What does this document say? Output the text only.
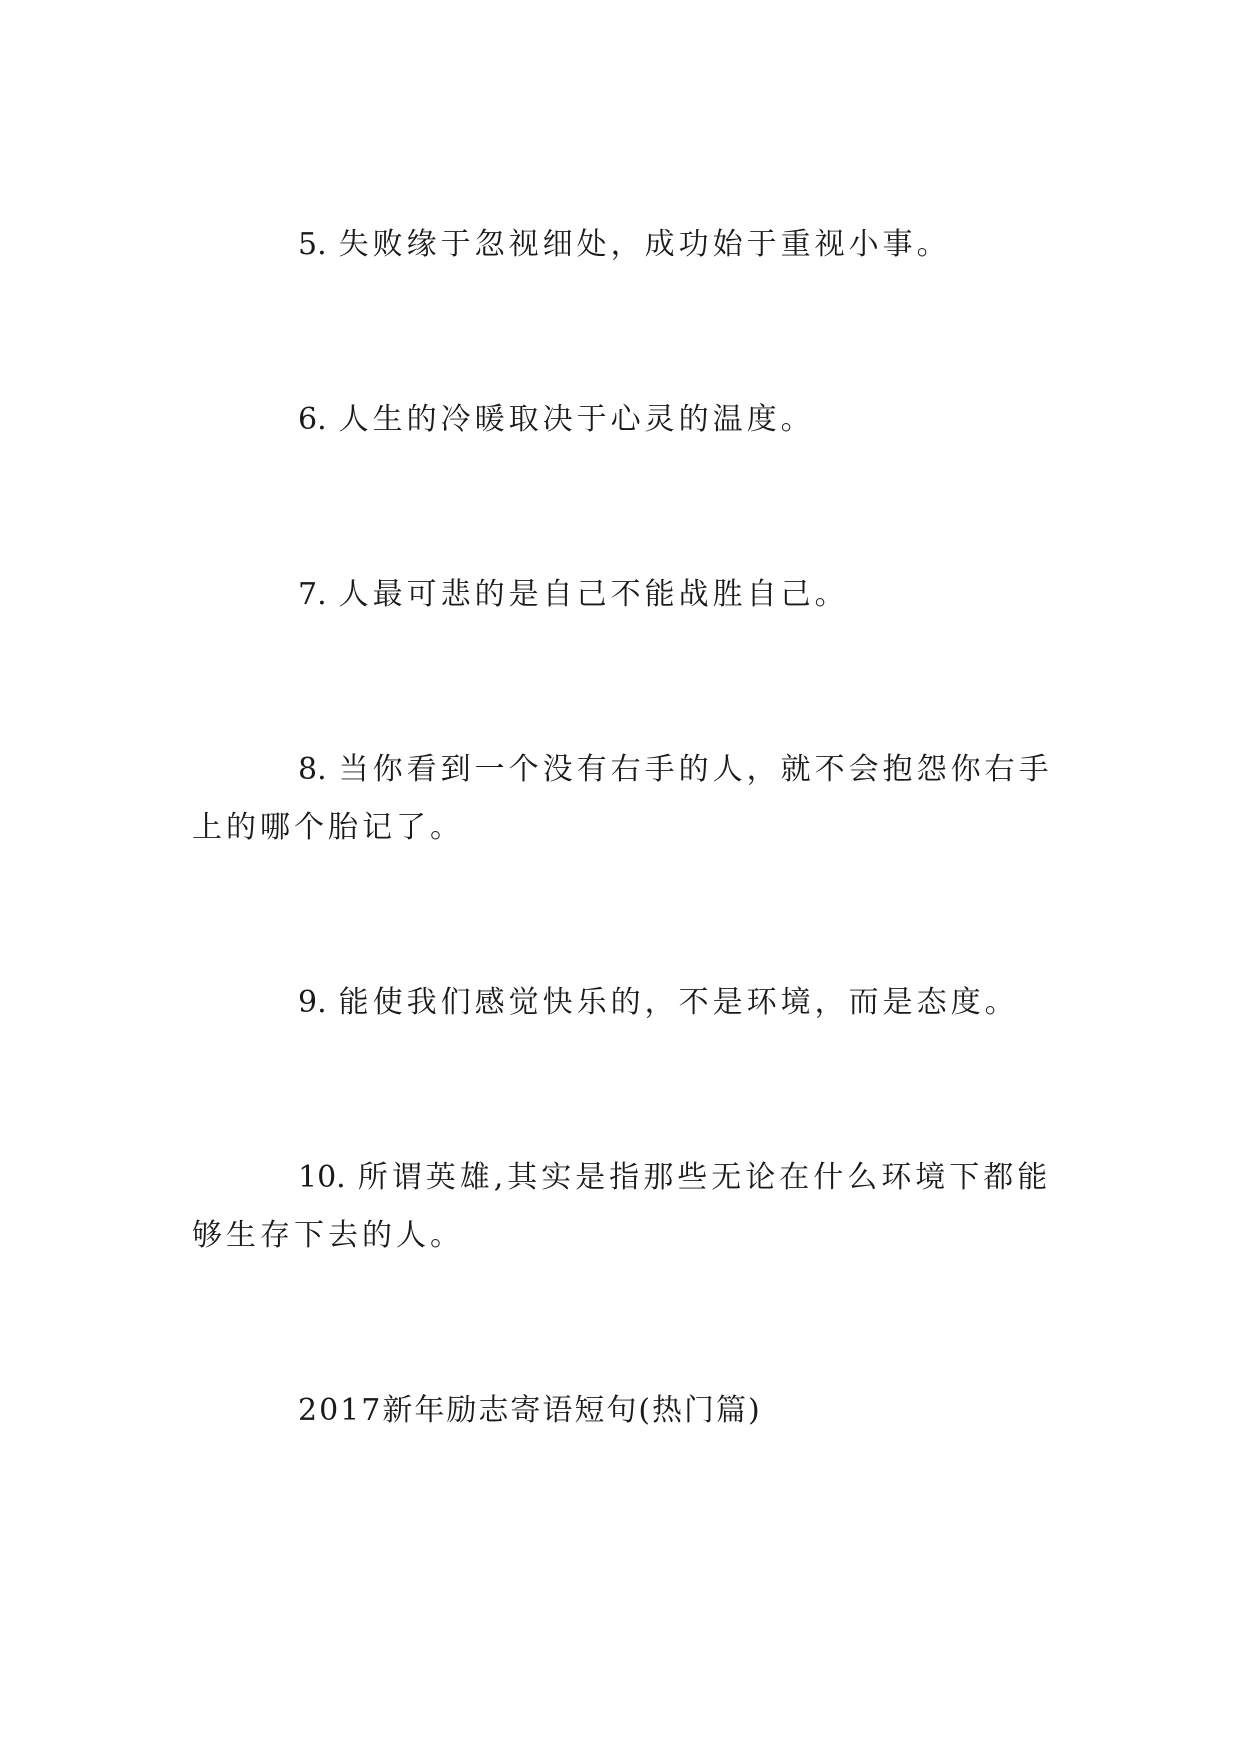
5. 失败缘于忽视细处，成功始于重视小事。

6. 人生的冷暖取决于心灵的温度。

7. 人最可悲的是自己不能战胜自己。

8. 当你看到一个没有右手的人，就不会抱怨你右手上的哪个胎记了。

9. 能使我们感觉快乐的，不是环境，而是态度。

10. 所谓英雄,其实是指那些无论在什么环境下都能够生存下去的人。

2017新年励志寄语短句(热门篇)
